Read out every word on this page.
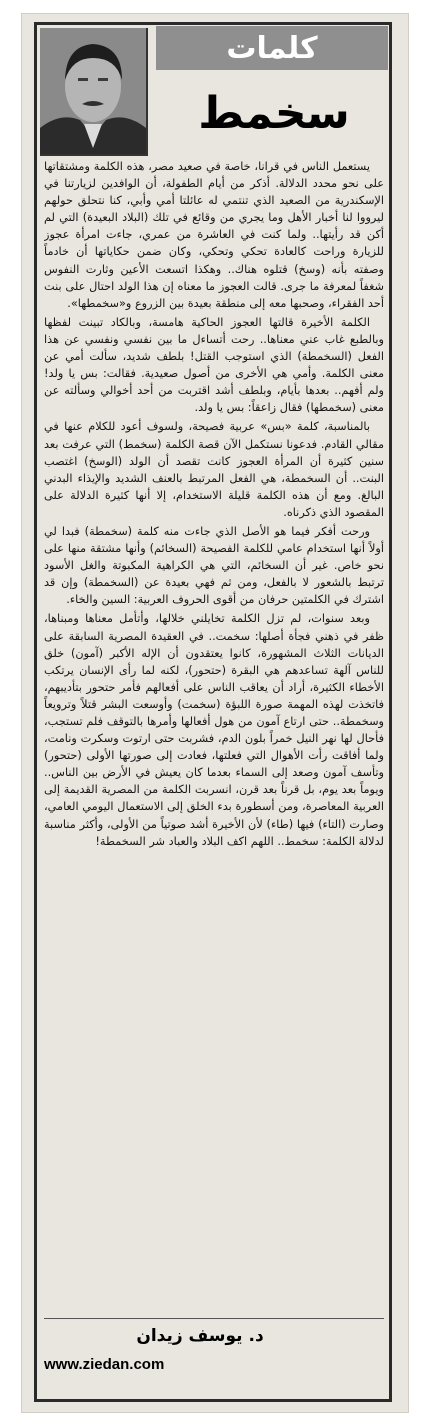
كلمات
سخمط

يستعمل الناس في قرانا، خاصة في صعيد مصر، هذه الكلمة ومشتقاتها على نحو محدد الدلالة. أذكر من أيام الطفولة، أن الوافدين لزيارتنا في الإسكندرية من الصعيد الذي تنتمي له عائلتا أمي وأبي، كنا نتحلق حولهم ليرووا لنا أخبار الأهل وما يجري من وقائع في تلك (البلاد البعيدة) التي لم أكن قد رأيتها.. ولما كنت في العاشرة من عمري، جاءت امرأة عجوز للزيارة وراحت كالعادة تحكي وتحكي، وكان ضمن حكاياتها أن خادماً وصفته بأنه (وسخ) قتلوه هناك.. وهكذا اتسعت الأعين وثارت النفوس شغفاً لمعرفة ما جرى. قالت العجوز ما معناه إن هذا الولد احتال على بنت أحد الفقراء، وصحبها معه إلى منطقة بعيدة بين الزروع و«سخمطها».

الكلمة الأخيرة قالتها العجوز الحاكية هامسة، وبالكاد تبينت لفظها وبالطبع غاب عني معناها.. رحت أتساءل ما بين نفسي ونفسي عن هذا الفعل (السخمطة) الذي استوجب القتل! بلطف شديد، سألت أمي عن معنى الكلمة. وأمي هي الأخرى من أصول صعيدية. فقالت: بس يا ولد! ولم أفهم.. بعدها بأيام، وبلطف أشد اقتربت من أحد أخوالي وسألته عن معنى (سخمطها) فقال زاعقاً: بس يا ولد.

بالمناسبة، كلمة «بس» عربية فصيحة، ولسوف أعود للكلام عنها في مقالي القادم. فدعونا نستكمل الآن قصة الكلمة (سخمط) التي عرفت بعد سنين كثيرة أن المرأة العجوز كانت تقصد أن الولد (الوسخ) اغتصب البنت.. أن السخمطة، هي الفعل المرتبط بالعنف الشديد والإيذاء البدني البالغ. ومع أن هذه الكلمة قليلة الاستخدام، إلا أنها كثيرة الدلالة على المقصود الذي ذكرناه.

ورحت أفكر فيما هو الأصل الذي جاءت منه كلمة (سخمطة) فبدا لي أولاً أنها استخدام عامي للكلمة الفصيحة (السخائم) وأنها مشتقة منها على نحو خاص. غير أن السخائم، التي هي الكراهية المكبوتة والغل الأسود ترتبط بالشعور لا بالفعل، ومن ثم فهي بعيدة عن (السخمطة) وإن قد اشترك في الكلمتين حرفان من أقوى الحروف العربية: السين والخاء.

وبعد سنوات، لم تزل الكلمة تخايلني خلالها، وأتأمل معناها ومبناها، ظفر في ذهني فجأة أصلها: سخمت.. في العقيدة المصرية السابقة على الديانات الثلاث المشهورة، كانوا يعتقدون أن الإله الأكبر (آمون) خلق للناس آلهة تساعدهم هي البقرة (حتحور)، لكنه لما رأى الإنسان يرتكب الأخطاء الكثيرة، أراد أن يعاقب الناس على أفعالهم فأمر حتحور بتأديبهم، فاتخذت لهذه المهمة صورة اللبؤة (سخمت) وأوسعت البشر قتلاً وترويعاً وسخمطة.. حتى ارتاع آمون من هول أفعالها وأمرها بالتوقف فلم تستجب، فأحال لها نهر النيل خمراً بلون الدم، فشربت حتى ارتوت وسكرت ونامت، ولما أفاقت رأت الأهوال التي فعلتها، فعادت إلى صورتها الأولى (حتحور) وتأسف آمون وصعد إلى السماء بعدما كان يعيش في الأرض بين الناس.. ويوماً بعد يوم، بل قرناً بعد قرن، انسربت الكلمة من المصرية القديمة إلى العربية المعاصرة، ومن أسطورة بدء الخلق إلى الاستعمال اليومي العامي، وصارت (التاء) فيها (طاء) لأن الأخيرة أشد صوتياً من الأولى، وأكثر مناسبة لدلالة الكلمة: سخمط.. اللهم اكف البلاد والعباد شر السخمطة!

د. يوسف زيدان
www.ziedan.com
